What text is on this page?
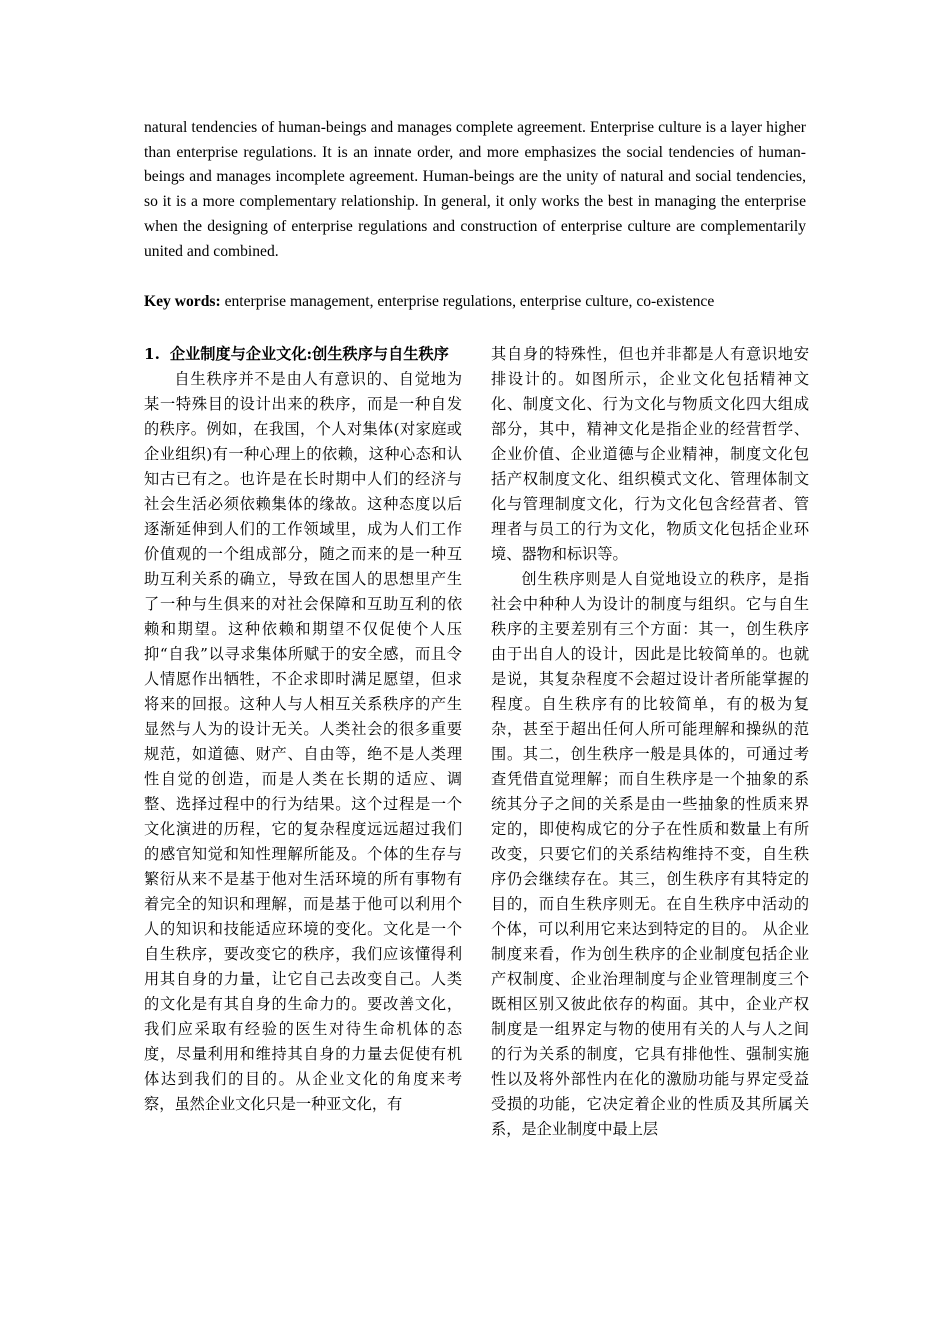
natural tendencies of human-beings and manages complete agreement. Enterprise culture is a layer higher than enterprise regulations. It is an innate order, and more emphasizes the social tendencies of human-beings and manages incomplete agreement. Human-beings are the unity of natural and social tendencies, so it is a more complementary relationship. In general, it only works the best in managing the enterprise when the designing of enterprise regulations and construction of enterprise culture are complementarily united and combined.

Key words: enterprise management, enterprise regulations, enterprise culture, co-existence

1. 企业制度与企业文化:创生秩序与自生秩序

自生秩序并不是由人有意识的、自觉地为某一特殊目的设计出来的秩序，而是一种自发的秩序。例如，在我国，个人对集体(对家庭或企业组织)有一种心理上的依赖，这种心态和认知古已有之。也许是在长时期中人们的经济与社会生活必须依赖集体的缘故。这种态度以后逐渐延伸到人们的工作领域里，成为人们工作价值观的一个组成部分，随之而来的是一种互助互利关系的确立，导致在国人的思想里产生了一种与生俱来的对社会保障和互助互利的依赖和期望。这种依赖和期望不仅促使个人压抑“自我”以寻求集体所赋于的安全感，而且令人情愿作出牺牲，不企求即时满足愿望，但求将来的回报。这种人与人相互关系秩序的产生显然与人为的设计无关。人类社会的很多重要规范，如道德、财产、自由等，绝不是人类理性自觉的创造，而是人类在长期的适应、调整、选择过程中的行为结果。这个过程是一个文化演进的历程，它的复杂程度远远超过我们的感官知觉和知性理解所能及。个体的生存与繁衍从来不是基于他对生活环境的所有事物有着完全的知识和理解，而是基于他可以利用个人的知识和技能适应环境的变化。文化是一个自生秩序，要改变它的秩序，我们应该懂得利用其自身的力量，让它自己去改变自己。人类的文化是有其自身的生命力的。要改善文化，我们应采取有经验的医生对待生命机体的态度，尽量利用和维持其自身的力量去促使有机体达到我们的目的。从企业文化的角度来考察，虽然企业文化只是一种亚文化，有

其自身的特殊性，但也并非都是人有意识地安排设计的。如图所示，企业文化包括精神文化、制度文化、行为文化与物质文化四大组成部分，其中，精神文化是指企业的经营哲学、企业价值、企业道德与企业精神，制度文化包括产权制度文化、组织模式文化、管理体制文化与管理制度文化，行为文化包含经营者、管理者与员工的行为文化，物质文化包括企业环境、器物和标识等。

创生秩序则是人自觉地设立的秩序，是指社会中种种人为设计的制度与组织。它与自生秩序的主要差别有三个方面：其一，创生秩序由于出自人的设计，因此是比较简单的。也就是说，其复杂程度不会超过设计者所能掌握的程度。自生秩序有的比较简单，有的极为复杂，甚至于超出任何人所可能理解和操纵的范围。其二，创生秩序一般是具体的，可通过考查凭借直觉理解；而自生秩序是一个抽象的系统其分子之间的关系是由一些抽象的性质来界定的，即使构成它的分子在性质和数量上有所改变，只要它们的关系结构维持不变，自生秩序仍会继续存在。其三，创生秩序有其特定的目的，而自生秩序则无。在自生秩序中活动的个体，可以利用它来达到特定的目的。 从企业制度来看，作为创生秩序的企业制度包括企业产权制度、企业治理制度与企业管理制度三个既相区别又彼此依存的构面。其中，企业产权制度是一组界定与物的使用有关的人与人之间的行为关系的制度，它具有排他性、强制实施性以及将外部性内在化的激励功能与界定受益受损的功能，它决定着企业的性质及其所属关系，是企业制度中最上层
